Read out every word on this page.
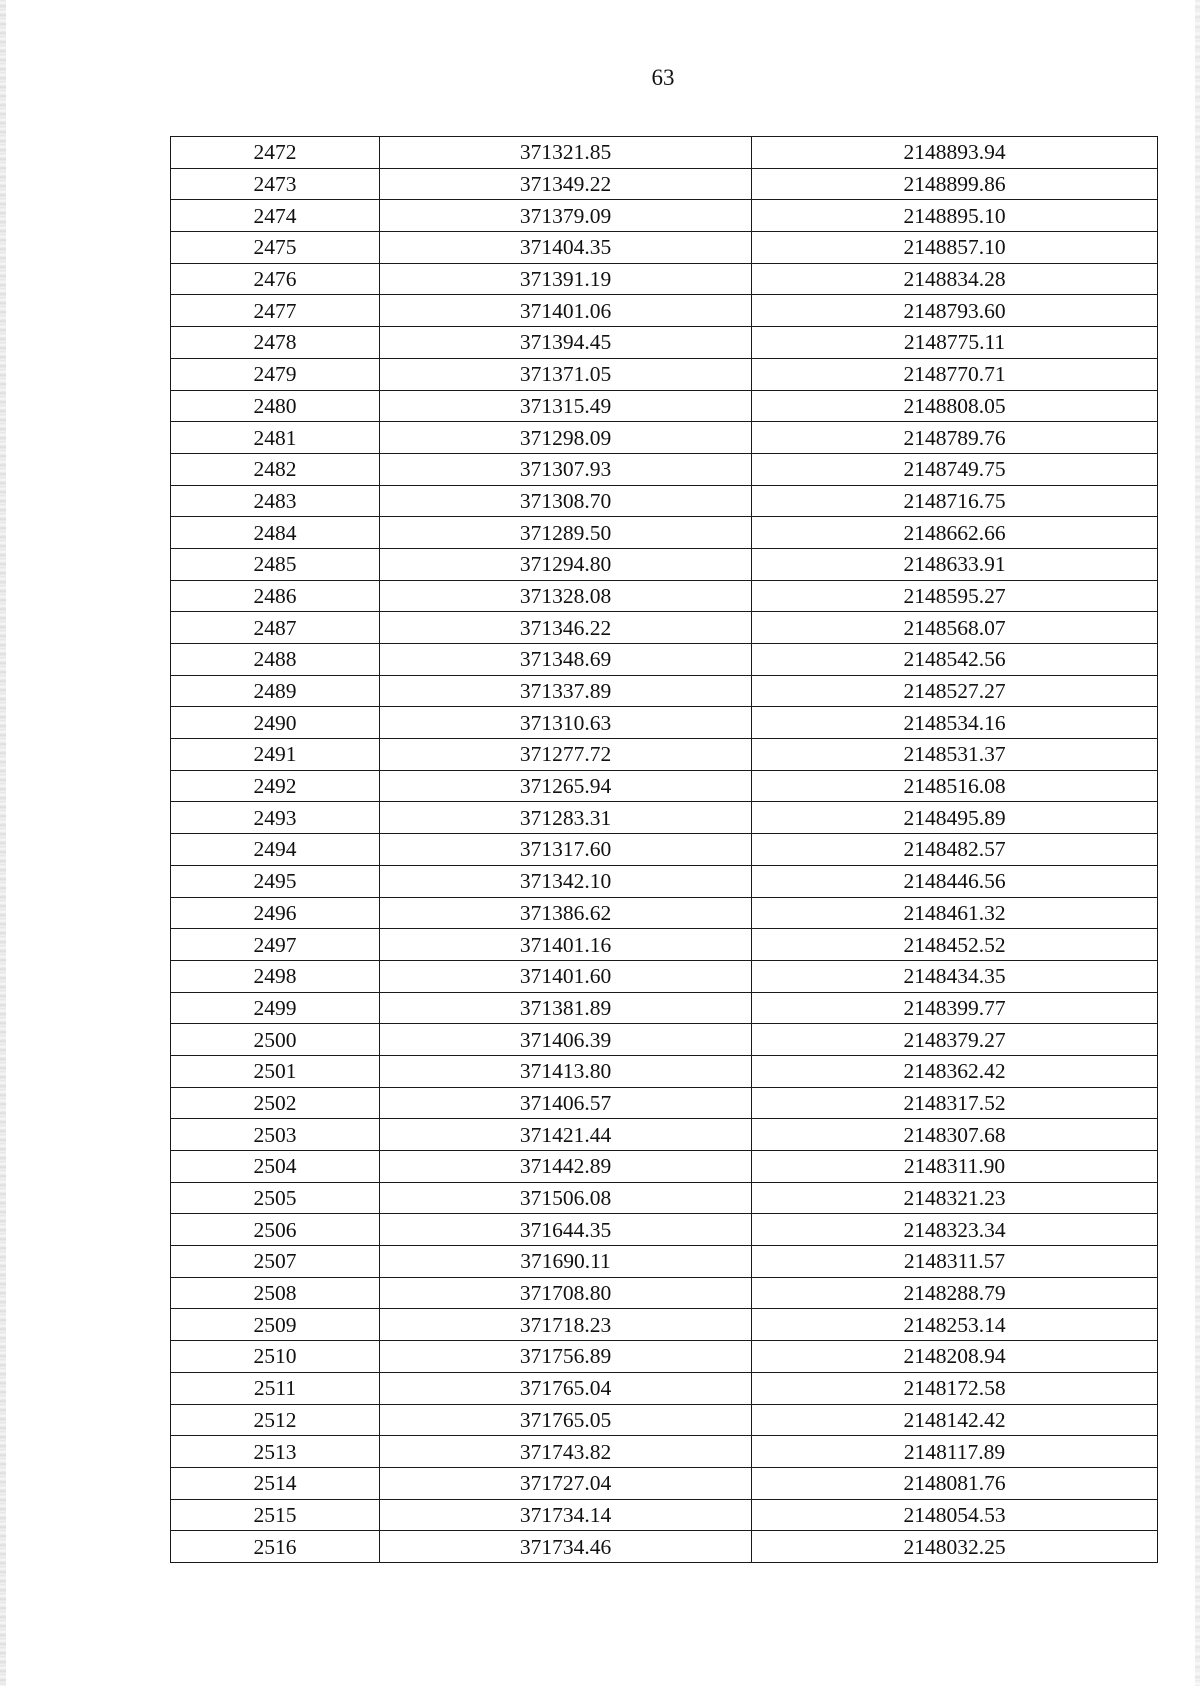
63
2472	371321.85	2148893.94
2473	371349.22	2148899.86
2474	371379.09	2148895.10
2475	371404.35	2148857.10
2476	371391.19	2148834.28
2477	371401.06	2148793.60
2478	371394.45	2148775.11
2479	371371.05	2148770.71
2480	371315.49	2148808.05
2481	371298.09	2148789.76
2482	371307.93	2148749.75
2483	371308.70	2148716.75
2484	371289.50	2148662.66
2485	371294.80	2148633.91
2486	371328.08	2148595.27
2487	371346.22	2148568.07
2488	371348.69	2148542.56
2489	371337.89	2148527.27
2490	371310.63	2148534.16
2491	371277.72	2148531.37
2492	371265.94	2148516.08
2493	371283.31	2148495.89
2494	371317.60	2148482.57
2495	371342.10	2148446.56
2496	371386.62	2148461.32
2497	371401.16	2148452.52
2498	371401.60	2148434.35
2499	371381.89	2148399.77
2500	371406.39	2148379.27
2501	371413.80	2148362.42
2502	371406.57	2148317.52
2503	371421.44	2148307.68
2504	371442.89	2148311.90
2505	371506.08	2148321.23
2506	371644.35	2148323.34
2507	371690.11	2148311.57
2508	371708.80	2148288.79
2509	371718.23	2148253.14
2510	371756.89	2148208.94
2511	371765.04	2148172.58
2512	371765.05	2148142.42
2513	371743.82	2148117.89
2514	371727.04	2148081.76
2515	371734.14	2148054.53
2516	371734.46	2148032.25
